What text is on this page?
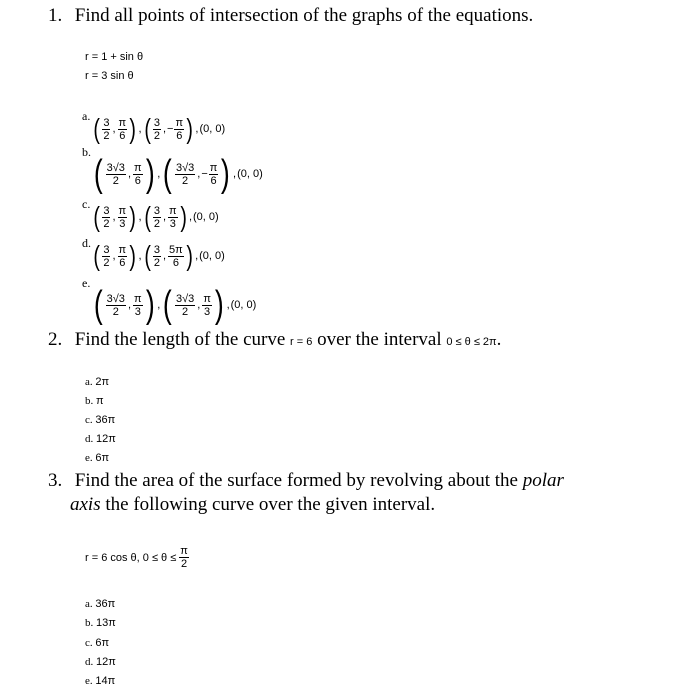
1. Find all points of intersection of the graphs of the equations.
r = 1 + sin θ
r = 3 sin θ
a. ( $\frac{3}{2}$ , $\frac{\pi}{6}$ ) , ( $\frac{3}{2}$ , − $\frac{\pi}{6}$ ) , (0, 0)
b.
( $\frac{3√3}{2}$ , $\frac{\pi}{6}$ ) , ( $\frac{3√3}{2}$ , − $\frac{\pi}{6}$ ) , (0, 0)
c. ( $\frac{3}{2}$ , $\frac{\pi}{3}$ ) , ( $\frac{3}{2}$ , $\frac{\pi}{3}$ ) , (0, 0)
d. ( $\frac{3}{2}$ , $\frac{\pi}{6}$ ) , ( $\frac{3}{2}$ , $\frac{5\pi}{6}$ ) , (0, 0)
e.
( $\frac{3√3}{2}$ , $\frac{\pi}{3}$ ) , ( $\frac{3√3}{2}$ , $\frac{\pi}{3}$ ) , (0, 0)
2. Find the length of the curve r = 6 over the interval 0 ≤ θ ≤ 2π.
a. 2π
b. π
c. 36π
d. 12π
e. 6π
3. Find the area of the surface formed by revolving about the polar
axis the following curve over the given interval.
r = 6 cos θ, $0 \le \theta \le \frac{\pi}{2}$
a. 36π
b. 13π
c. 6π
d. 12π
e. 14π
